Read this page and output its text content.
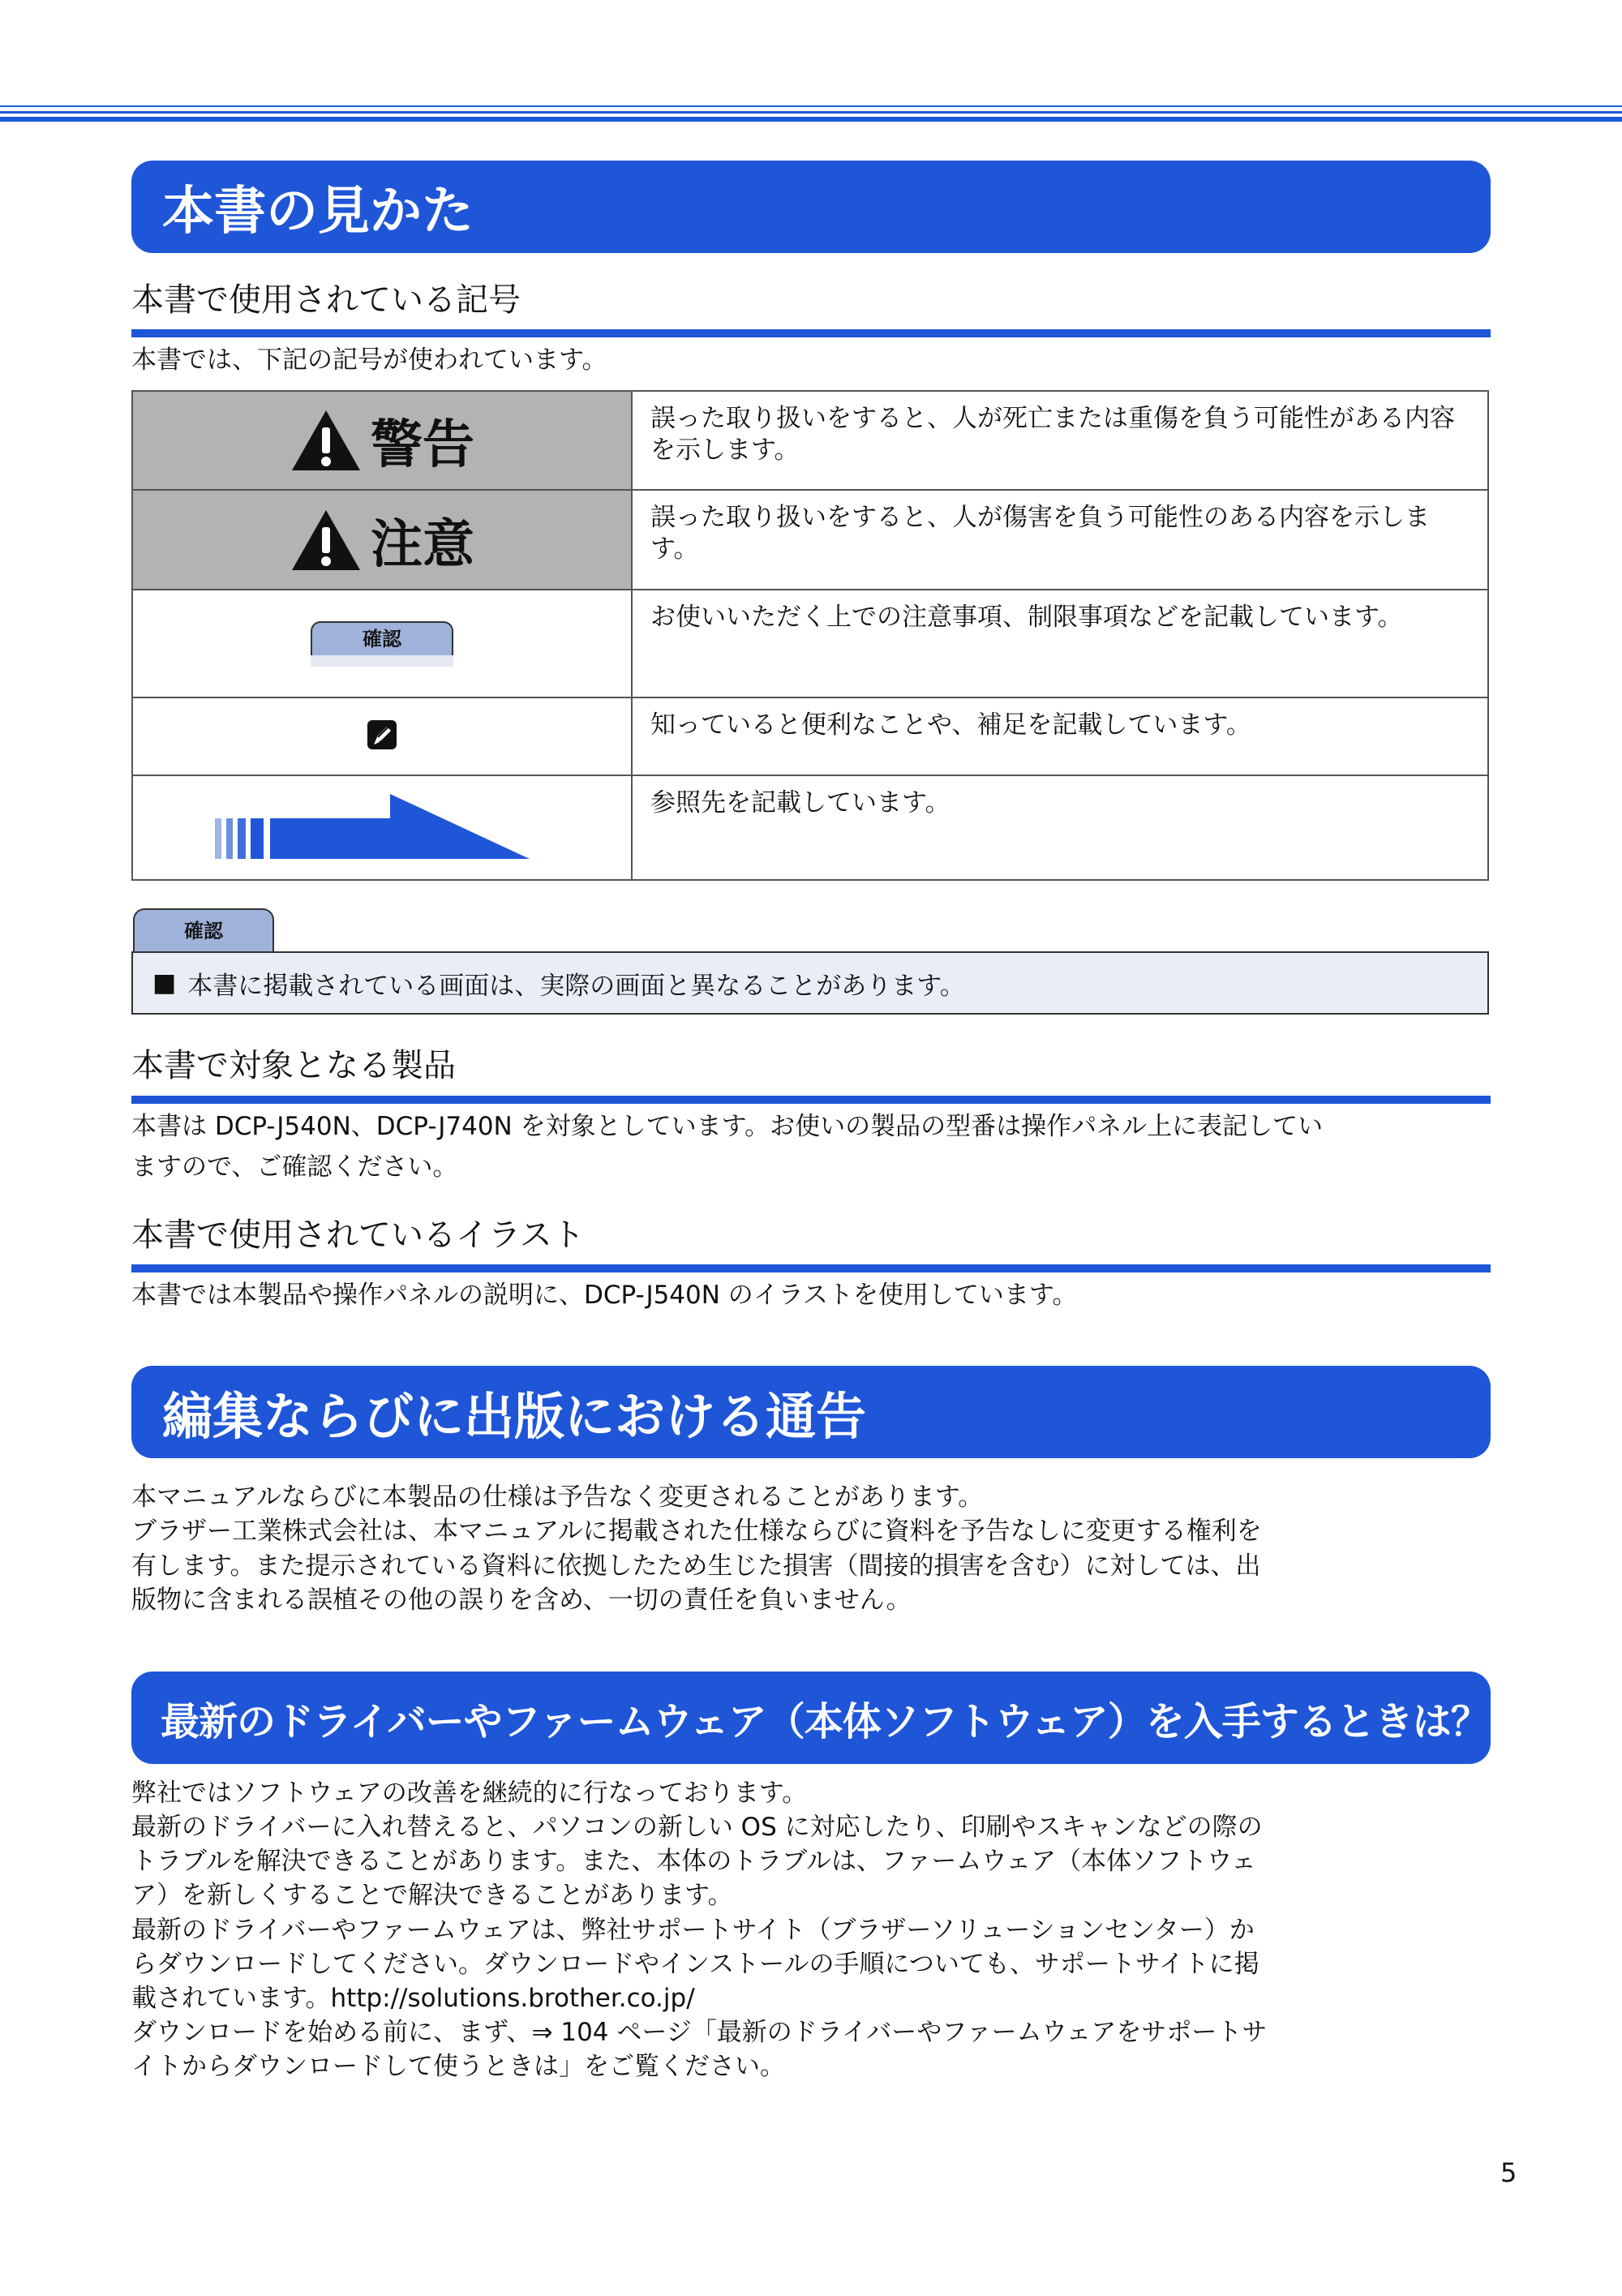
本書の見かた
本書で使用されている記号
本書では、下記の記号が使われています。
警告	誤った取り扱いをすると、人が死亡または重傷を負う可能性がある内容を示します。

注意	誤った取り扱いをすると、人が傷害を負う可能性のある内容を示します。
確認	お使いいただく上での注意事項、制限事項などを記載しています。
	知っていると便利なことや、補足を記載しています。
	参照先を記載しています。
確認
■ 本書に掲載されている画面は、実際の画面と異なることがあります。
本書で対象となる製品
本書は DCP-J540N、DCP-J740N を対象としています。お使いの製品の型番は操作パネル上に表記してい
ますので、ご確認ください。
本書で使用されているイラスト
本書では本製品や操作パネルの説明に、DCP-J540N のイラストを使用しています。
編集ならびに出版における通告
本マニュアルならびに本製品の仕様は予告なく変更されることがあります。
ブラザー工業株式会社は、本マニュアルに掲載された仕様ならびに資料を予告なしに変更する権利を
有します。また提示されている資料に依拠したため生じた損害（間接的損害を含む）に対しては、出
版物に含まれる誤植その他の誤りを含め、一切の責任を負いません。
最新のドライバーやファームウェア（本体ソフトウェア）を入手するときは？
弊社ではソフトウェアの改善を継続的に行なっております。
最新のドライバーに入れ替えると、パソコンの新しい OS に対応したり、印刷やスキャンなどの際の
トラブルを解決できることがあります。また、本体のトラブルは、ファームウェア（本体ソフトウェ
ア）を新しくすることで解決できることがあります。
最新のドライバーやファームウェアは、弊社サポートサイト（ブラザーソリューションセンター）か
らダウンロードしてください。ダウンロードやインストールの手順についても、サポートサイトに掲
載されています。http://solutions.brother.co.jp/
ダウンロードを始める前に、まず、⇒ 104 ページ「最新のドライバーやファームウェアをサポートサ
イトからダウンロードして使うときは」をご覧ください。
5
